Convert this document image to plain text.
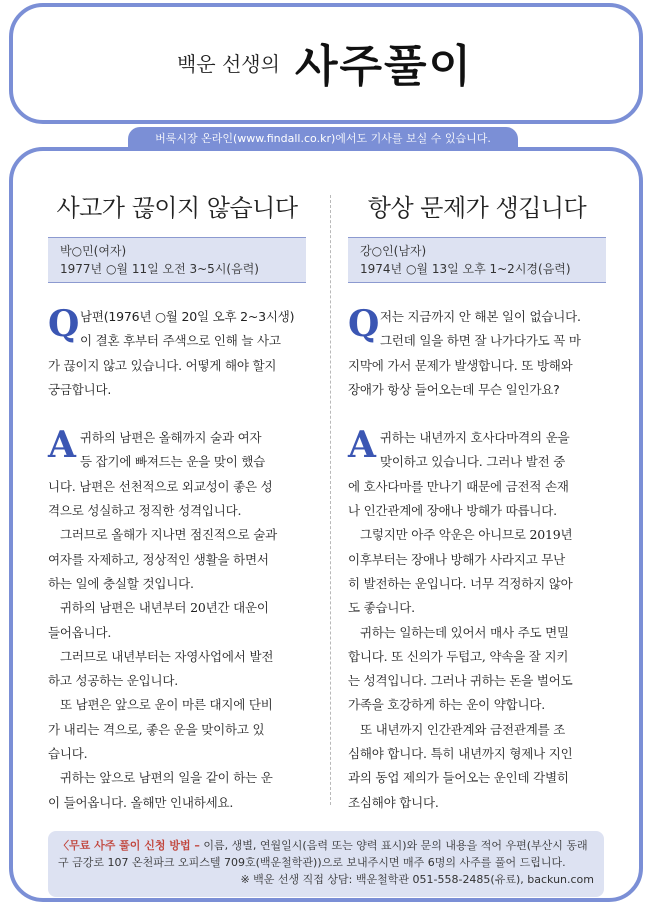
백운 선생의 사주풀이
버룩시장 온라인(www.findall.co.kr)에서도 기사를 보실 수 있습니다.
사고가 끊이지 않습니다
박○민(여자)
1977년 ○월 11일 오전 3~5시(음력)
Q 남편(1976년 ○월 20일 오후 2~3시생)
이 결혼 후부터 주색으로 인해 늘 사고
가 끊이지 않고 있습니다. 어떻게 해야 할지
궁금합니다.

A 귀하의 남편은 올해까지 술과 여자
등 잡기에 빠져드는 운을 맞이 했습
니다. 남편은 선천적으로 외교성이 좋은 성
격으로 성실하고 정직한 성격입니다.
그러므로 올해가 지나면 점진적으로 술과
여자를 자제하고, 정상적인 생활을 하면서
하는 일에 충실할 것입니다.
귀하의 남편은 내년부터 20년간 대운이
들어옵니다.
그러므로 내년부터는 자영사업에서 발전
하고 성공하는 운입니다.
또 남편은 앞으로 운이 마른 대지에 단비
가 내리는 격으로, 좋은 운을 맞이하고 있
습니다.
귀하는 앞으로 남편의 일을 같이 하는 운
이 들어옵니다. 올해만 인내하세요.

항상 문제가 생깁니다
강○인(남자)
1974년 ○월 13일 오후 1~2시경(음력)
Q 저는 지금까지 안 해본 일이 없습니다.
그런데 일을 하면 잘 나가다가도 꼭 마
지막에 가서 문제가 발생합니다. 또 방해와
장애가 항상 들어오는데 무슨 일인가요?

A 귀하는 내년까지 호사다마격의 운을
맞이하고 있습니다. 그러나 발전 중
에 호사다마를 만나기 때문에 금전적 손재
나 인간관계에 장애나 방해가 따릅니다.
그렇지만 아주 악운은 아니므로 2019년
이후부터는 장애나 방해가 사라지고 무난
히 발전하는 운입니다. 너무 걱정하지 않아
도 좋습니다.
귀하는 일하는데 있어서 매사 주도 면밀
합니다. 또 신의가 두텁고, 약속을 잘 지키
는 성격입니다. 그러나 귀하는 돈을 벌어도
가족을 호강하게 하는 운이 약합니다.
또 내년까지 인간관계와 금전관계를 조
심해야 합니다. 특히 내년까지 형제나 지인
과의 동업 제의가 들어오는 운인데 각별히
조심해야 합니다.

〈무료 사주 풀이 신청 방법 – 이름, 생별, 연월일시(음력 또는 양력 표시)와 문의 내용을 적어 우편(부산시 동래
구 금강로 107 온천파크 오피스텔 709호(백운철학관))으로 보내주시면 매주 6명의 사주를 풀어 드립니다.
※ 백운 선생 직접 상담: 백운철학관 051-558-2485(유료), backun.com
